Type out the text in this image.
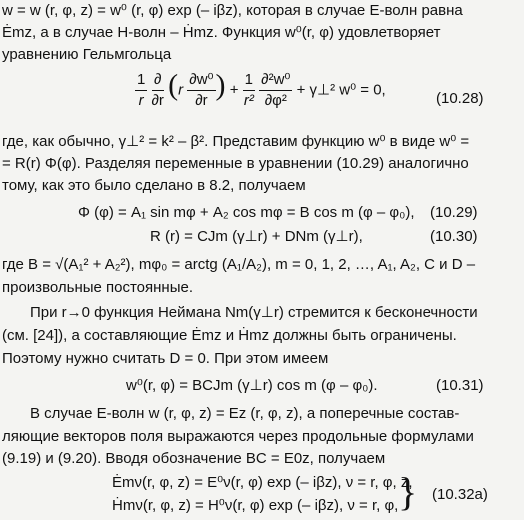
w = w (r, φ, z) = w⁰ (r, φ) exp (– iβz), которая в случае E-волн равна
Ėmz, а в случае H-волн – Ḣmz. Функция w⁰(r, φ) удовлетворяет
уравнению Гельмгольца
$\frac{1}{r}$
$\frac{\partial}{\partial r} (r \frac{\text{∂w⁰}}{\partial r}$ ) + $\frac{1}{\text{r²}}$
$\frac{\text{∂²w⁰}}{\text{∂φ²}}$ + γ⊥² w⁰ = 0,
(10.28)
где, как обычно, γ⊥² = k² – β². Представим функцию w⁰ в виде w⁰ =
= R(r) Φ(φ). Разделяя переменные в уравнении (10.29) аналогично
тому, как это было сделано в 8.2, получаем
Φ (φ) = A₁ sin mφ + A₂ cos mφ = B cos m (φ – φ₀), (10.29)
R (r) = CJm (γ⊥r) + DNm (γ⊥r),	(10.30)
где B = √(A₁² + A₂²), mφ₀ = arctg (A₁/A₂), m = 0, 1, 2, …, A₁, A₂, C и D –
произвольные постоянные.
При r→0 функция Неймана Nm(γ⊥r) стремится к бесконечности
(см. [24]), а составляющие Ėmz и Ḣmz должны быть ограничены.
Поэтому нужно считать D = 0. При этом имеем
w⁰(r, φ) = BCJm (γ⊥r) cos m (φ – φ₀).	(10.31)
В случае E-волн w (r, φ, z) = Ez (r, φ, z), а поперечные состав-
ляющие векторов поля выражаются через продольные формулами
(9.19) и (9.20). Вводя обозначение BC = E0z, получаем
Ėmν(r, φ, z) = E⁰ν(r, φ) exp (– iβz), ν = r, φ, z,
Ḣmν(r, φ, z) = H⁰ν(r, φ) exp (– iβz), ν = r, φ, } (10.32a)
